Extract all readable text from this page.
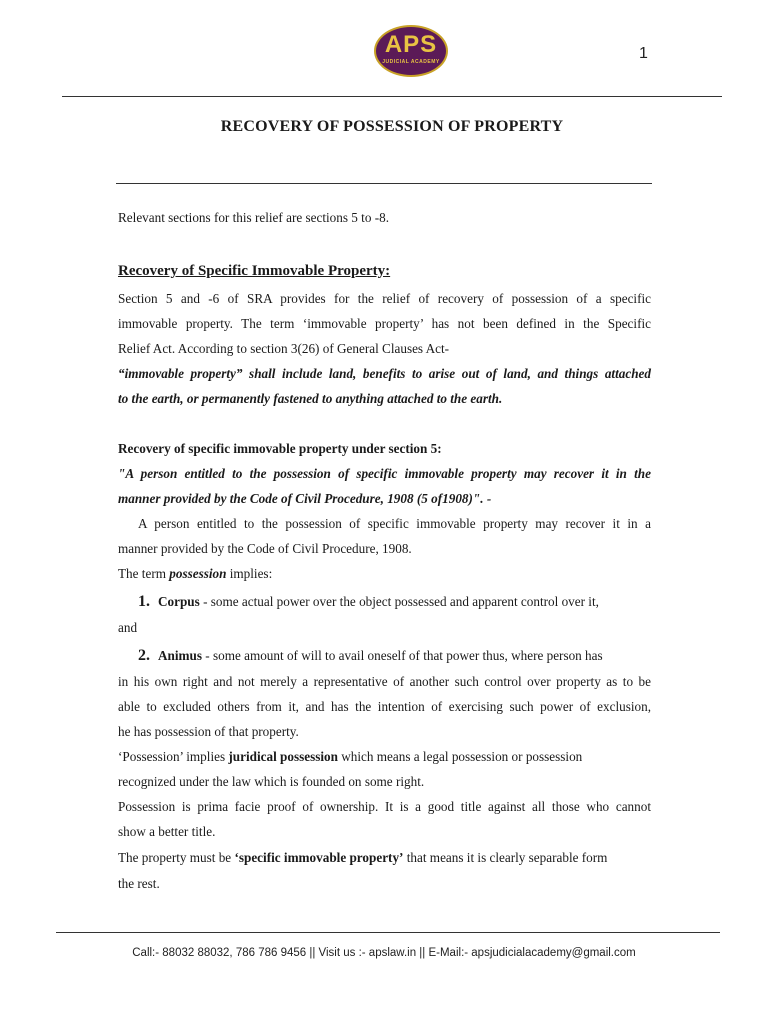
APS
JUDICIAL ACADEMY	1
RECOVERY OF POSSESSION OF PROPERTY
Relevant sections for this relief are sections 5 to -8.
Recovery of Specific Immovable Property:
Section 5 and -6 of SRA provides for the relief of recovery of possession of a specific
immovable property. The term ‘immovable property’ has not been defined in the Specific
Relief Act. According to section 3(26) of General Clauses Act-
“immovable property” shall include land, benefits to arise out of land, and things attached
to the earth, or permanently fastened to anything attached to the earth.
Recovery of specific immovable property under section 5:
"A person entitled to the possession of specific immovable property may recover it in the
manner provided by the Code of Civil Procedure, 1908 (5 of1908)". -
A person entitled to the possession of specific immovable property may recover it in a
manner provided by the Code of Civil Procedure, 1908.
The term possession implies:
1. Corpus - some actual power over the object possessed and apparent control over it,
and
2. Animus - some amount of will to avail oneself of that power thus, where person has
in his own right and not merely a representative of another such control over property as to be
able to excluded others from it, and has the intention of exercising such power of exclusion,
he has possession of that property.
‘Possession’ implies juridical possession which means a legal possession or possession
recognized under the law which is founded on some right.
Possession is prima facie proof of ownership. It is a good title against all those who cannot
show a better title.
The property must be ‘specific immovable property’ that means it is clearly separable form
the rest.
Call:- 88032 88032, 786 786 9456 || Visit us :- apslaw.in || E-Mail:- apsjudicialacademy@gmail.com
